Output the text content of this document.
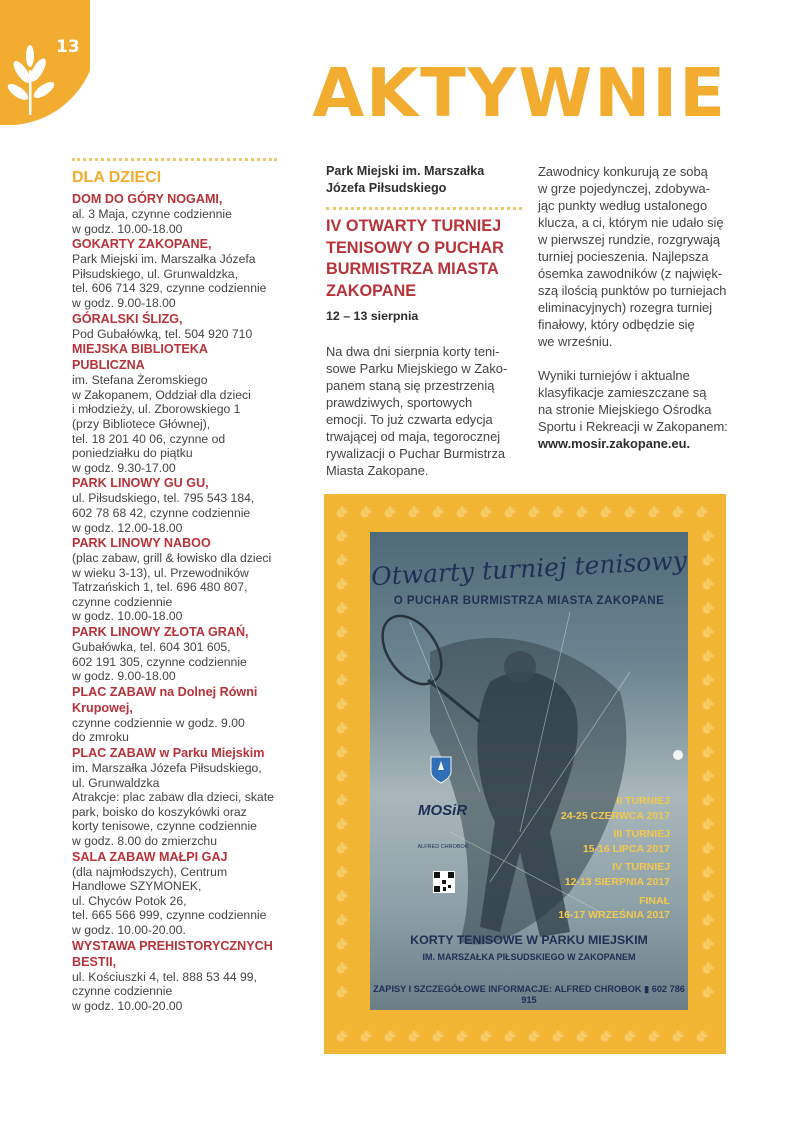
13
AKTYWNIE
DLA DZIECI
DOM DO GÓRY NOGAMI,
al. 3 Maja, czynne codziennie
w godz. 10.00-18.00
GOKARTY ZAKOPANE,
Park Miejski im. Marszałka Józefa
Piłsudskiego, ul. Grunwaldzka,
tel. 606 714 329, czynne codziennie
w godz. 9.00-18.00
GÓRALSKI ŚLIZG,
Pod Gubałówką, tel. 504 920 710
MIEJSKA BIBLIOTEKA
PUBLICZNA
im. Stefana Żeromskiego
w Zakopanem, Oddział dla dzieci
i młodzieży, ul. Zborowskiego 1
(przy Bibliotece Głównej),
tel. 18 201 40 06, czynne od
poniedziałku do piątku
w godz. 9.30-17.00
PARK LINOWY GU GU,
ul. Piłsudskiego, tel. 795 543 184,
602 78 68 42, czynne codziennie
w godz. 12.00-18.00
PARK LINOWY NABOO
(plac zabaw, grill & łowisko dla dzieci
w wieku 3-13), ul. Przewodników
Tatrzańskich 1, tel. 696 480 807,
czynne codziennie
w godz. 10.00-18.00
PARK LINOWY ZŁOTA GRAŃ,
Gubałówka, tel. 604 301 605,
602 191 305, czynne codziennie
w godz. 9.00-18.00
PLAC ZABAW na Dolnej Równi
Krupowej,
czynne codziennie w godz. 9.00
do zmroku
PLAC ZABAW w Parku Miejskim
im. Marszałka Józefa Piłsudskiego,
ul. Grunwaldzka
Atrakcje: plac zabaw dla dzieci, skate
park, boisko do koszykówki oraz
korty tenisowe, czynne codziennie
w godz. 8.00 do zmierzchu
SALA ZABAW MAŁPI GAJ
(dla najmłodszych), Centrum
Handlowe SZYMONEK,
ul. Chyców Potok 26,
tel. 665 566 999, czynne codziennie
w godz. 10.00-20.00.
WYSTAWA PREHISTORYCZNYCH
BESTII,
ul. Kościuszki 4, tel. 888 53 44 99,
czynne codziennie
w godz. 10.00-20.00
Park Miejski im. Marszałka
Józefa Piłsudskiego
IV OTWARTY TURNIEJ
TENISOWY O PUCHAR
BURMISTRZA MIASTA
ZAKOPANE
12 – 13 sierpnia
Na dwa dni sierpnia korty teni-
sowe Parku Miejskiego w Zako-
panem staną się przestrzenią
prawdziwych, sportowych
emocji. To już czwarta edycja
trwającej od maja, tegorocznej
rywalizacji o Puchar Burmistrza
Miasta Zakopane.

Zawodnicy konkurują ze sobą
w grze pojedynczej, zdobywa-
jąc punkty według ustalonego
klucza, a ci, którym nie udało się
w pierwszej rundzie, rozgrywają
turniej pocieszenia. Najlepsza
ósemka zawodników (z najwięk-
szą ilością punktów po turniejach
eliminacyjnych) rozegra turniej
finałowy, który odbędzie się
we wrześniu.

Wyniki turniejów i aktualne
klasyfikacje zamieszczane są
na stronie Miejskiego Ośrodka
Sportu i Rekreacji w Zakopanem:

www.mosir.zakopane.eu.
Otwarty turniej tenisowy
O PUCHAR BURMISTRZA MIASTA ZAKOPANE
MOSiR
ALFRED CHROBOK
II TURNIEJ
24-25 CZERWCA 2017
III TURNIEJ
15-16 LIPCA 2017
IV TURNIEJ
12-13 SIERPNIA 2017
FINAŁ
16-17 WRZEŚNIA 2017
KORTY TENISOWE W PARKU MIEJSKIM
IM. MARSZAŁKA PIŁSUDSKIEGO W ZAKOPANEM
ZAPISY I SZCZEGÓŁOWE INFORMACJE: ALFRED CHROBOK ▮ 602 786 915
